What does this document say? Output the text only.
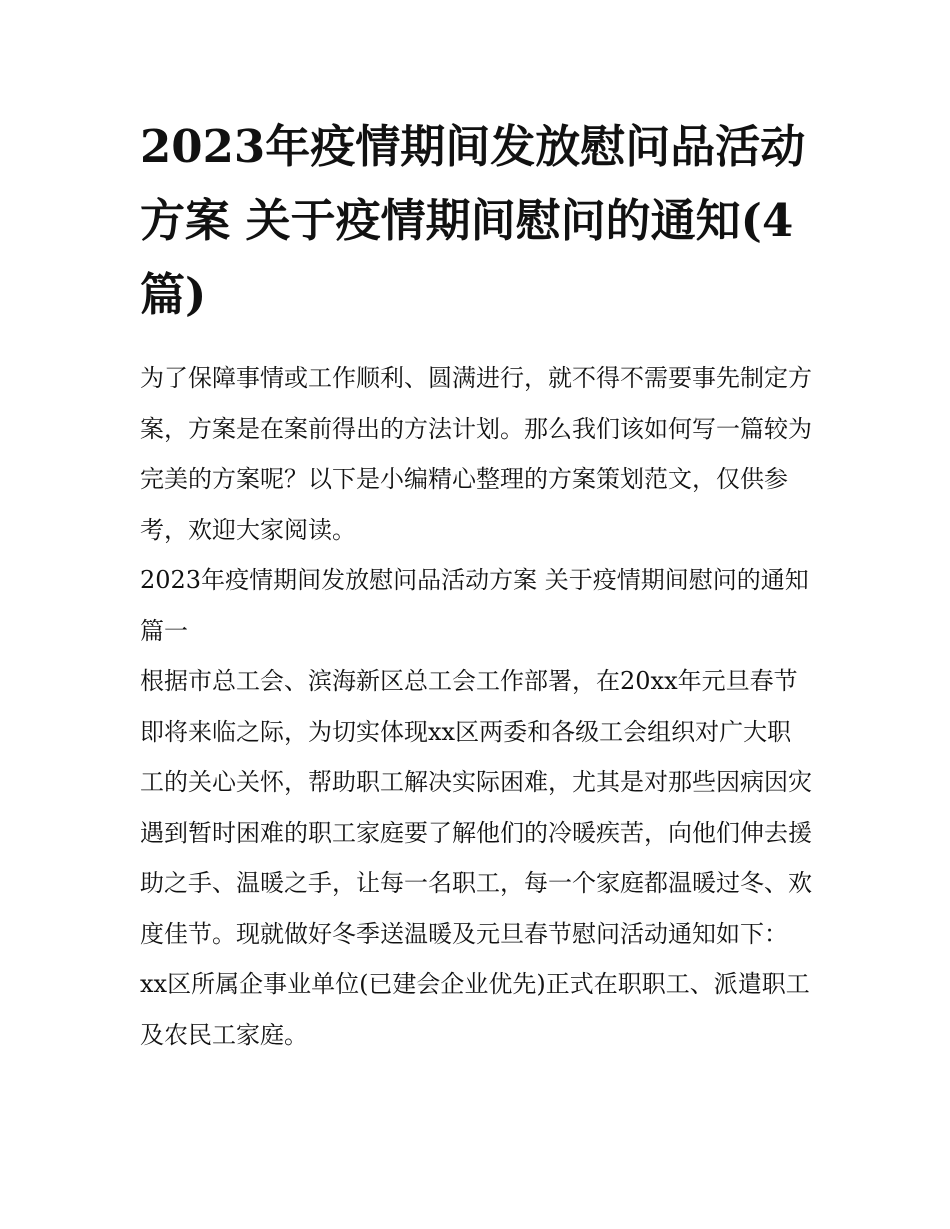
2023年疫情期间发放慰问品活动方案 关于疫情期间慰问的通知(4篇)

为了保障事情或工作顺利、圆满进行，就不得不需要事先制定方案，方案是在案前得出的方法计划。那么我们该如何写一篇较为完美的方案呢？以下是小编精心整理的方案策划范文，仅供参考，欢迎大家阅读。

2023年疫情期间发放慰问品活动方案 关于疫情期间慰问的通知篇一

根据市总工会、滨海新区总工会工作部署，在20xx年元旦春节即将来临之际，为切实体现xx区两委和各级工会组织对广大职工的关心关怀，帮助职工解决实际困难，尤其是对那些因病因灾遇到暂时困难的职工家庭要了解他们的冷暖疾苦，向他们伸去援助之手、温暖之手，让每一名职工，每一个家庭都温暖过冬、欢度佳节。现就做好冬季送温暖及元旦春节慰问活动通知如下：

xx区所属企事业单位(已建会企业优先)正式在职职工、派遣职工及农民工家庭。
